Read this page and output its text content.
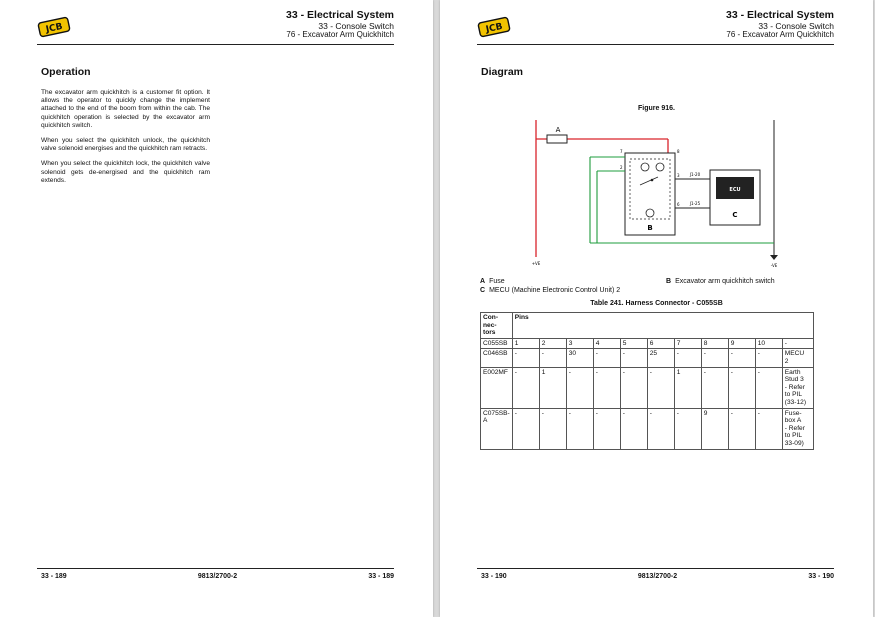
JCB
33 - Electrical System
33 - Console Switch
76 - Excavator Arm Quickhitch
Operation

The excavator arm quickhitch is a customer fit option. It allows the operator to quickly change the implement attached to the end of the boom from within the cab. The quickhitch operation is selected by the excavator arm quickhitch switch.

When you select the quickhitch unlock, the quickhitch valve solenoid energises and the quickhitch ram retracts.

When you select the quickhitch lock, the quickhitch valve solenoid gets de-energised and the quickhitch ram extends.

33 - 189	9813/2700-2	33 - 189
JCB
33 - Electrical System
33 - Console Switch
76 - Excavator Arm Quickhitch
Diagram
Figure 916.
A
-VE
+VE
B
7
2
8
3
6
J1-20
J1-25
ECU
C
A Fuse	B Excavator arm quickhitch switch
C MECU (Machine Electronic Control Unit) 2
Table 241. Harness Connector - C055SB
Con-
nec-
tors	Pins										
C055SB	1	2	3	4	5	6	7	8	9	10	-
C046SB	-	-	30	-	-	25	-	-	-	-	MECU
2
E002MF	-	1	-	-	-	-	1	-	-	-	Earth
Stud 3
- Refer
to PIL
(33-12)
C075SB-
A	-	-	-	-	-	-	-	9	-	-	Fuse-
box A
- Refer
to PIL
33-09)
33 - 190	9813/2700-2	33 - 190
